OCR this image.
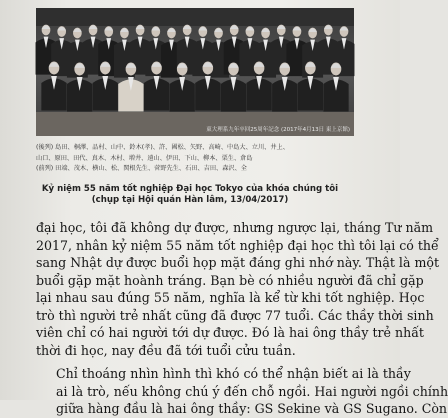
東大理系九年卒回25周年記念 (2017年4月13日 東上京館)
(後列) 島田、桐澤、品村、山中、鈴木(孝)、許、國松、矢野、高崎、中島大、立川、井上、
山口、原田、田代、真木、木村、増井、遠山、伊田、下山、柳本、栗生、倉島
(前列) 田端、茂木、横山、松、関根先生、菅野先生、石田、吉田、森沢、全
Kỷ niệm 55 năm tốt nghiệp Đại học Tokyo của khóa chúng tôi
(chụp tại Hội quán Hàn lâm, 13/04/2017)

đại học, tôi đã không dự được, nhưng ngược lại, tháng Tư năm
2017, nhân kỷ niệm 55 năm tốt nghiệp đại học thì tôi lại có thể
sang Nhật dự được buổi họp mặt đáng ghi nhớ này. Thật là một
buổi gặp mặt hoành tráng. Bạn bè có nhiều người đã chỉ gặp
lại nhau sau đúng 55 năm, nghĩa là kể từ khi tốt nghiệp. Học
trò thì người trẻ nhất cũng đã được 77 tuổi. Các thầy thời sinh
viên chỉ có hai người tới dự được. Đó là hai ông thầy trẻ nhất
thời đi học, nay đều đã tới tuổi cửu tuần.

Chỉ thoáng nhìn hình thì khó có thể nhận biết ai là thầy
ai là trò, nếu không chú ý đến chỗ ngồi. Hai người ngồi chính
giữa hàng đầu là hai ông thầy: GS Sekine và GS Sugano. Còn
